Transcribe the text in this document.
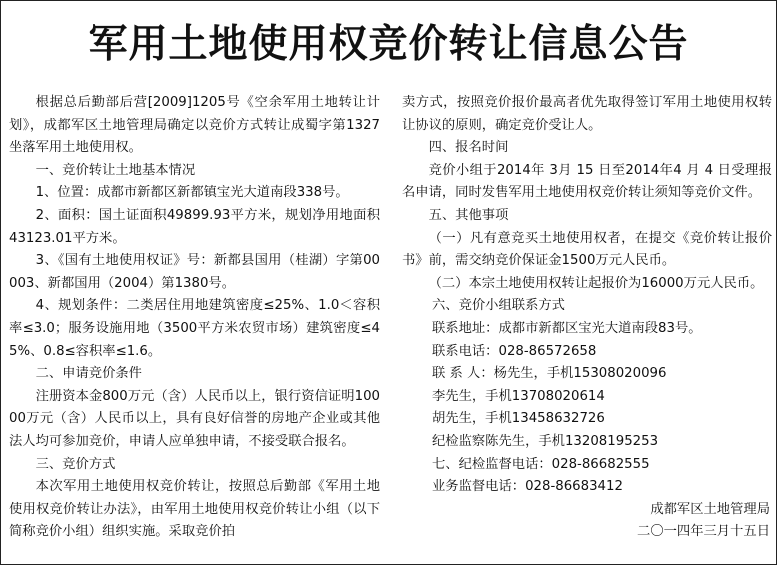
军用土地使用权竞价转让信息公告

根据总后勤部后营[2009]1205号《空余军用土地转让计划》，成都军区土地管理局确定以竞价方式转让成蜀字第1327坐落军用土地使用权。

一、竞价转让土地基本情况

1、位置：成都市新都区新都镇宝光大道南段338号。

2、面积：国土证面积49899.93平方米，规划净用地面积43123.01平方米。

3、《国有土地使用权证》号：新都县国用（桂湖）字第00003、新都国用（2004）第1380号。

4、规划条件：二类居住用地建筑密度≤25%、1.0＜容积率≤3.0；服务设施用地（3500平方米农贸市场）建筑密度≤45%、0.8≤容积率≤1.6。

二、申请竞价条件

注册资本金800万元（含）人民币以上，银行资信证明10000万元（含）人民币以上，具有良好信誉的房地产企业或其他法人均可参加竞价，申请人应单独申请，不接受联合报名。

三、竞价方式

本次军用土地使用权竞价转让，按照总后勤部《军用土地使用权竞价转让办法》，由军用土地使用权竞价转让小组（以下简称竞价小组）组织实施。采取竞价拍

卖方式，按照竞价报价最高者优先取得签订军用土地使用权转让协议的原则，确定竞价受让人。

四、报名时间

竞价小组于2014年 3月 15 日至2014年4 月 4 日受理报名申请，同时发售军用土地使用权竞价转让须知等竞价文件。

五、其他事项

（一）凡有意竞买土地使用权者，在提交《竞价转让报价书》前，需交纳竞价保证金1500万元人民币。

（二）本宗土地使用权转让起报价为16000万元人民币。

六、竞价小组联系方式

联系地址：成都市新都区宝光大道南段83号。

联系电话：028-86572658

联 系 人：杨先生，手机15308020096

李先生，手机13708020614

胡先生，手机13458632726

纪检监察陈先生，手机13208195253

七、纪检监督电话：028-86682555

业务监督电话：028-86683412

成都军区土地管理局

二〇一四年三月十五日
